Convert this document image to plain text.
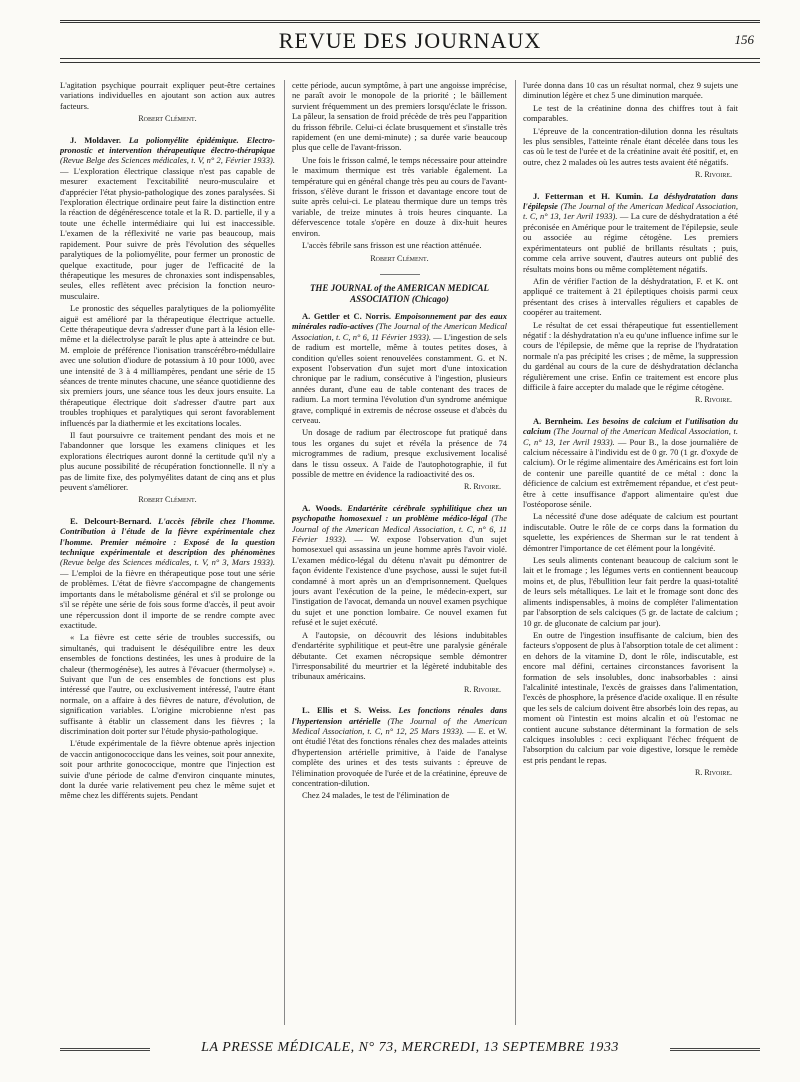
REVUE DES JOURNAUX	156

L'agitation psychique pourrait expliquer peut-être certaines variations individuelles en ajoutant son action aux autres facteurs.

Robert Clément.

J. Moldaver. La poliomyélite épidémique. Electro-pronostic et intervention thérapeutique électro-thérapique (Revue Belge des Sciences médicales, t. V, n° 2, Février 1933). — L'exploration électrique classique n'est pas capable de mesurer exactement l'excitabilité neuro-musculaire et d'apprécier l'état physio-pathologique des zones paralysées. Si l'exploration électrique ordinaire peut faire la distinction entre la réaction de dégénérescence totale et la R. D. partielle, il y a toute une échelle intermédiaire qui lui est inaccessible. L'examen de la réflexivité ne varie pas beaucoup, mais rapidement. Pour suivre de près l'évolution des séquelles paralytiques de la poliomyélite, pour fermer un pronostic de quelque exactitude, pour juger de l'efficacité de la thérapeutique les mesures de chronaxies sont indispensables, seules, elles reflètent avec précision la fonction neuro-musculaire.

Le pronostic des séquelles paralytiques de la poliomyélite aiguë est amélioré par la thérapeutique électrique actuelle. Cette thérapeutique devra s'adresser d'une part à la lésion elle-même et la diélectrolyse paraît le plus apte à atteindre ce but. M. emploie de préférence l'ionisation transcérébro-médullaire avec une solution d'iodure de potassium à 10 pour 1000, avec une intensité de 3 à 4 milliampères, pendant une série de 15 séances de trente minutes chacune, une séance quotidienne des six premiers jours, une séance tous les deux jours ensuite. La thérapeutique électrique doit s'adresser d'autre part aux troubles trophiques et paralytiques qui seront favorablement influencés par la diathermie et les excitations locales.

Il faut poursuivre ce traitement pendant des mois et ne l'abandonner que lorsque les examens cliniques et les explorations électriques auront donné la certitude qu'il n'y a plus aucune possibilité de récupération fonctionnelle. Il n'y a pas de limite fixe, des polymyélites datant de cinq ans et plus peuvent s'améliorer.

Robert Clément.

E. Delcourt-Bernard. L'accès fébrile chez l'homme. Contribution à l'étude de la fièvre expérimentale chez l'homme. Premier mémoire : Exposé de la question technique expérimentale et description des phénomènes (Revue belge des Sciences médicales, t. V, n° 3, Mars 1933). — L'emploi de la fièvre en thérapeutique pose tout une série de problèmes. L'état de fièvre s'accompagne de changements importants dans le métabolisme général et s'il se prolonge ou s'il se répète une série de fois sous forme d'accès, il peut avoir une répercussion dont il importe de se rendre compte avec exactitude.

« La fièvre est cette série de troubles successifs, ou simultanés, qui traduisent le déséquilibre entre les deux ensembles de fonctions destinées, les unes à produire de la chaleur (thermogénèse), les autres à l'évacuer (thermolyse) ». Suivant que l'un de ces ensembles de fonctions est plus intéressé que l'autre, ou exclusivement intéressé, l'autre étant normale, on a affaire à des fièvres de nature, d'évolution, de signification variables. L'origine microbienne n'est pas suffisante à établir un classement dans les fièvres ; la discrimination doit porter sur l'étude physio-pathologique.

L'étude expérimentale de la fièvre obtenue après injection de vaccin antigonococcique dans les veines, soit pour annexite, soit pour arthrite gonococcique, montre que l'injection est suivie d'une période de calme d'environ cinquante minutes, dont la durée varie relativement peu chez le même sujet et même chez les différents sujets. Pendant

cette période, aucun symptôme, à part une angoisse imprécise, ne paraît avoir le monopole de la priorité ; le bâillement survient fréquemment un des premiers lorsqu'éclate le frisson. La pâleur, la sensation de froid précède de très peu l'apparition du frisson fébrile. Celui-ci éclate brusquement et s'installe très rapidement (en une demi-minute) ; sa durée varie beaucoup plus que celle de l'avant-frisson.

Une fois le frisson calmé, le temps nécessaire pour atteindre le maximum thermique est très variable également. La température qui en général change très peu au cours de l'avant-frisson, s'élève durant le frisson et davantage encore tout de suite après celui-ci. Le plateau thermique dure un temps très variable, de treize minutes à trois heures cinquante. La défervescence totale s'opère en douze à dix-huit heures environ.

L'accès fébrile sans frisson est une réaction atténuée.

Robert Clément.
THE JOURNAL of the AMERICAN MEDICAL ASSOCIATION (Chicago)

A. Gettler et C. Norris. Empoisonnement par des eaux minérales radio-actives (The Journal of the American Medical Association, t. C, n° 6, 11 Février 1933). — L'ingestion de sels de radium est mortelle, même à toutes petites doses, à condition qu'elles soient renouvelées constamment. G. et N. exposent l'observation d'un sujet mort d'une intoxication chronique par le radium, consécutive à l'ingestion, plusieurs années durant, d'une eau de table contenant des traces de radium. La mort termina l'évolution d'un syndrome anémique grave, compliqué in extremis de nécrose osseuse et d'abcès du cerveau.

Un dosage de radium par électroscope fut pratiqué dans tous les organes du sujet et révéla la présence de 74 microgrammes de radium, presque exclusivement localisé dans le tissu osseux. A l'aide de l'autophotographie, il fut possible de mettre en évidence la radioactivité des os.

R. Rivoire.

A. Woods. Endartérite cérébrale syphilitique chez un psychopathe homosexuel : un problème médico-légal (The Journal of the American Medical Association, t. C, n° 6, 11 Février 1933). — W. expose l'observation d'un sujet homosexuel qui assassina un jeune homme après l'avoir violé. L'examen médico-légal du détenu n'avait pu démontrer de façon évidente l'existence d'une psychose, aussi le sujet fut-il condamné à mort après un an d'emprisonnement. Quelques jours avant l'exécution de la peine, le médecin-expert, sur l'instigation de l'avocat, demanda un nouvel examen psychique du sujet et une ponction lombaire. Ce nouvel examen fut refusé et le sujet exécuté.

A l'autopsie, on découvrit des lésions indubitables d'endartérite syphilitique et peut-être une paralysie générale débutante. Cet examen nécropsique semble démontrer l'irresponsabilité du meurtrier et la légèreté indubitable des tribunaux américains.

R. Rivoire.

L. Ellis et S. Weiss. Les fonctions rénales dans l'hypertension artérielle (The Journal of the American Medical Association, t. C, n° 12, 25 Mars 1933). — E. et W. ont étudié l'état des fonctions rénales chez des malades atteints d'hypertension artérielle primitive, à l'aide de l'analyse complète des urines et des tests suivants : épreuve de l'élimination provoquée de l'urée et de la créatinine, épreuve de concentration-dilution.

Chez 24 malades, le test de l'élimination de

l'urée donna dans 10 cas un résultat normal, chez 9 sujets une diminution légère et chez 5 une diminution marquée.

Le test de la créatinine donna des chiffres tout à fait comparables.

L'épreuve de la concentration-dilution donna les résultats les plus sensibles, l'atteinte rénale étant décelée dans tous les cas où le test de l'urée et de la créatinine avait été positif, et, en outre, chez 2 malades où les autres tests avaient été négatifs.

R. Rivoire.

J. Fetterman et H. Kumin. La déshydratation dans l'épilepsie (The Journal of the American Medical Association, t. C, n° 13, 1er Avril 1933). — La cure de déshydratation a été préconisée en Amérique pour le traitement de l'épilepsie, seule ou associée au régime cétogène. Les premiers expérimentateurs ont publié de brillants résultats ; puis, comme cela arrive souvent, d'autres auteurs ont publié des résultats moins bons ou même complètement négatifs.

Afin de vérifier l'action de la déshydratation, F. et K. ont appliqué ce traitement à 21 épileptiques choisis parmi ceux présentant des crises à intervalles réguliers et capables de coopérer au traitement.

Le résultat de cet essai thérapeutique fut essentiellement négatif : la déshydratation n'a eu qu'une influence infime sur le cours de l'épilepsie, de même que la reprise de l'hydratation normale n'a pas précipité les crises ; de même, la suppression du gardénal au cours de la cure de déshydratation déclancha régulièrement une crise. Enfin ce traitement est encore plus difficile à faire accepter du malade que le régime cétogène.

R. Rivoire.

A. Bernheim. Les besoins de calcium et l'utilisation du calcium (The Journal of the American Medical Association, t. C, n° 13, 1er Avril 1933). — Pour B., la dose journalière de calcium nécessaire à l'individu est de 0 gr. 70 (1 gr. d'oxyde de calcium). Or le régime alimentaire des Américains est fort loin de contenir une pareille quantité de ce métal : donc la déficience de calcium est extrêmement répandue, et c'est peut-être à cette insuffisance d'apport alimentaire qu'est due l'ostéoporose sénile.

La nécessité d'une dose adéquate de calcium est pourtant indiscutable. Outre le rôle de ce corps dans la formation du squelette, les expériences de Sherman sur le rat tendent à démontrer l'importance de cet élément pour la longévité.

Les seuls aliments contenant beaucoup de calcium sont le lait et le fromage ; les légumes verts en contiennent beaucoup moins et, de plus, l'ébullition leur fait perdre la quasi-totalité de leurs sels métalliques. Le lait et le fromage sont donc des aliments indispensables, à moins de compléter l'alimentation par l'absorption de sels calciques (5 gr. de lactate de calcium ; 10 gr. de gluconate de calcium par jour).

En outre de l'ingestion insuffisante de calcium, bien des facteurs s'opposent de plus à l'absorption totale de cet aliment : en dehors de la vitamine D, dont le rôle, indiscutable, est encore mal défini, certaines circonstances favorisent la formation de sels insolubles, donc inabsorbables : ainsi l'alcalinité intestinale, l'excès de graisses dans l'alimentation, l'excès de phosphore, la présence d'acide oxalique. Il en résulte que les sels de calcium doivent être absorbés loin des repas, au moment où l'intestin est moins alcalin et où l'estomac ne contient aucune substance déterminant la formation de sels calciques insolubles : ceci expliquant l'échec fréquent de l'absorption du calcium par voie digestive, lorsque le remède est pris pendant le repas.

R. Rivoire.
LA PRESSE MÉDICALE, N° 73, MERCREDI, 13 SEPTEMBRE 1933
